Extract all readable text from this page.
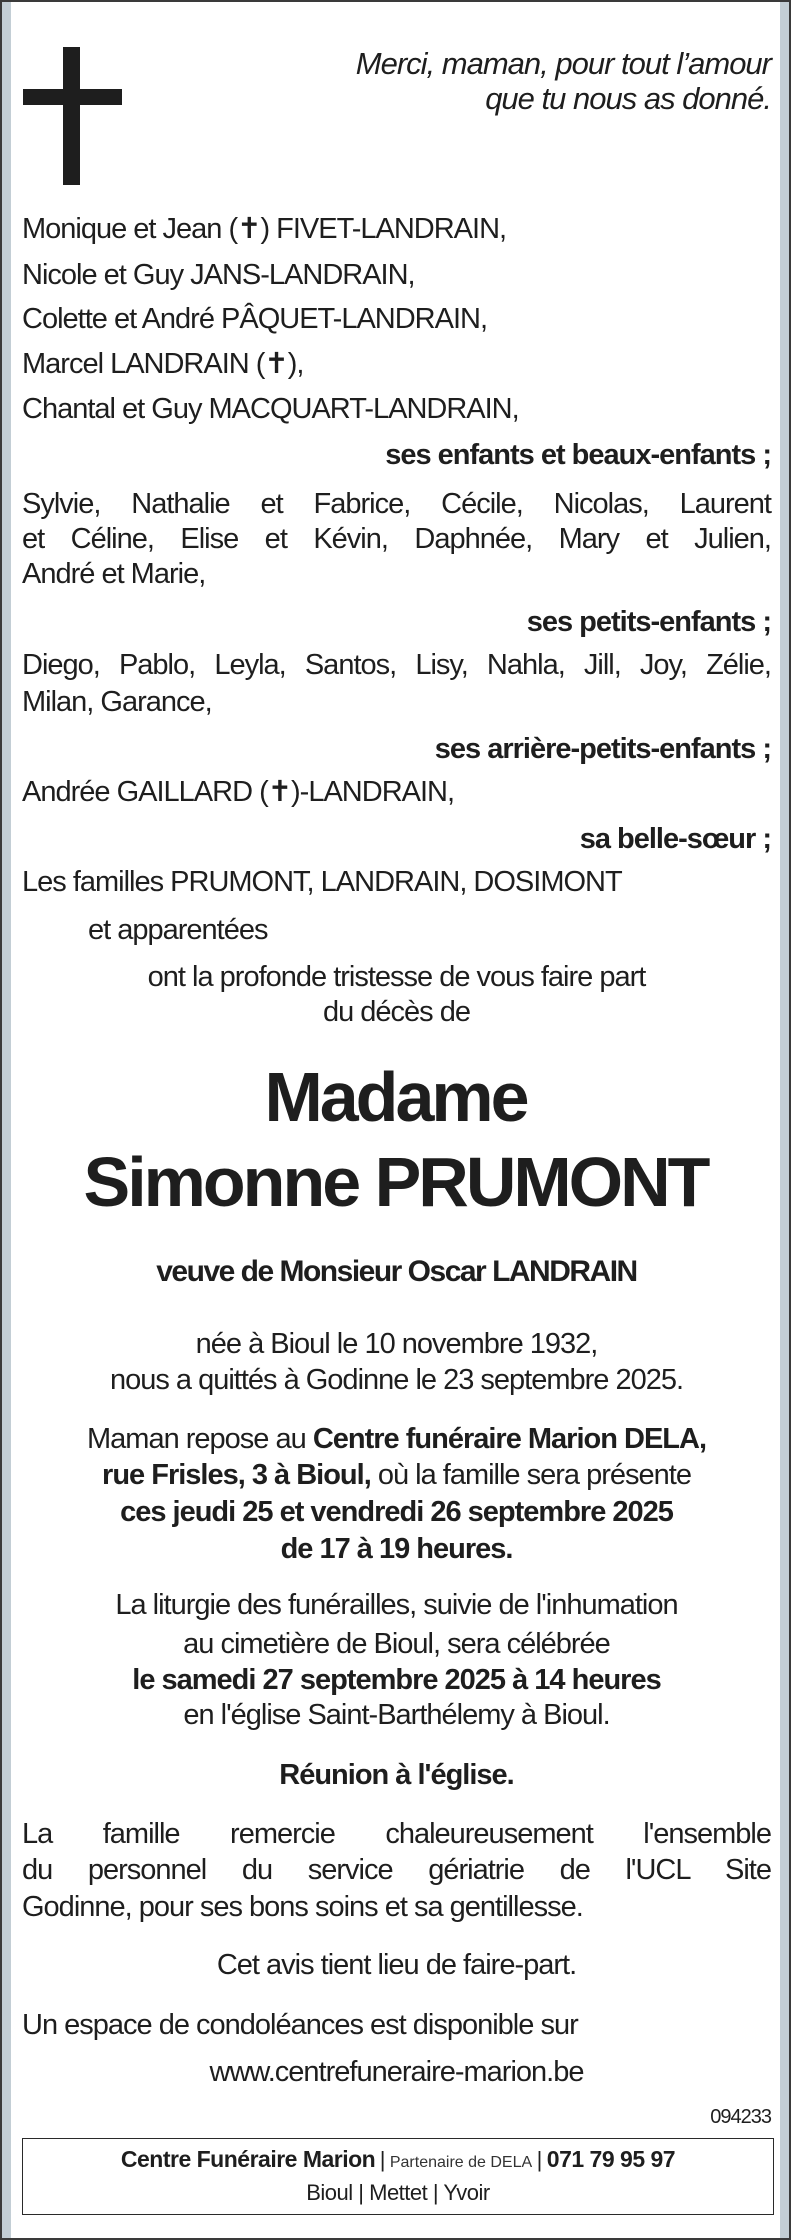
Merci, maman, pour tout l’amour
que tu nous as donné.
Monique et Jean (✝) FIVET-LANDRAIN,
Nicole et Guy JANS-LANDRAIN,
Colette et André PÂQUET-LANDRAIN,
Marcel LANDRAIN (✝),
Chantal et Guy MACQUART-LANDRAIN,
ses enfants et beaux-enfants ;
Sylvie, Nathalie et Fabrice, Cécile, Nicolas, Laurent
et Céline, Elise et Kévin, Daphnée, Mary et Julien,
André et Marie,
ses petits-enfants ;
Diego, Pablo, Leyla, Santos, Lisy, Nahla, Jill, Joy, Zélie,
Milan, Garance,
ses arrière-petits-enfants ;
Andrée GAILLARD (✝)-LANDRAIN,
sa belle-sœur ;
Les familles PRUMONT, LANDRAIN, DOSIMONT
et apparentées
ont la profonde tristesse de vous faire part
du décès de
Madame
Simonne PRUMONT
veuve de Monsieur Oscar LANDRAIN
née à Bioul le 10 novembre 1932,
nous a quittés à Godinne le 23 septembre 2025.
Maman repose au Centre funéraire Marion DELA,
rue Frisles, 3 à Bioul, où la famille sera présente
ces jeudi 25 et vendredi 26 septembre 2025
de 17 à 19 heures.
La liturgie des funérailles, suivie de l'inhumation
au cimetière de Bioul, sera célébrée
le samedi 27 septembre 2025 à 14 heures
en l'église Saint-Barthélemy à Bioul.
Réunion à l'église.
La famille remercie chaleureusement l'ensemble
du personnel du service gériatrie de l'UCL Site
Godinne, pour ses bons soins et sa gentillesse.
Cet avis tient lieu de faire-part.
Un espace de condoléances est disponible sur
www.centrefuneraire-marion.be
094233
Centre Funéraire Marion | Partenaire de DELA | 071 79 95 97
Bioul | Mettet | Yvoir
